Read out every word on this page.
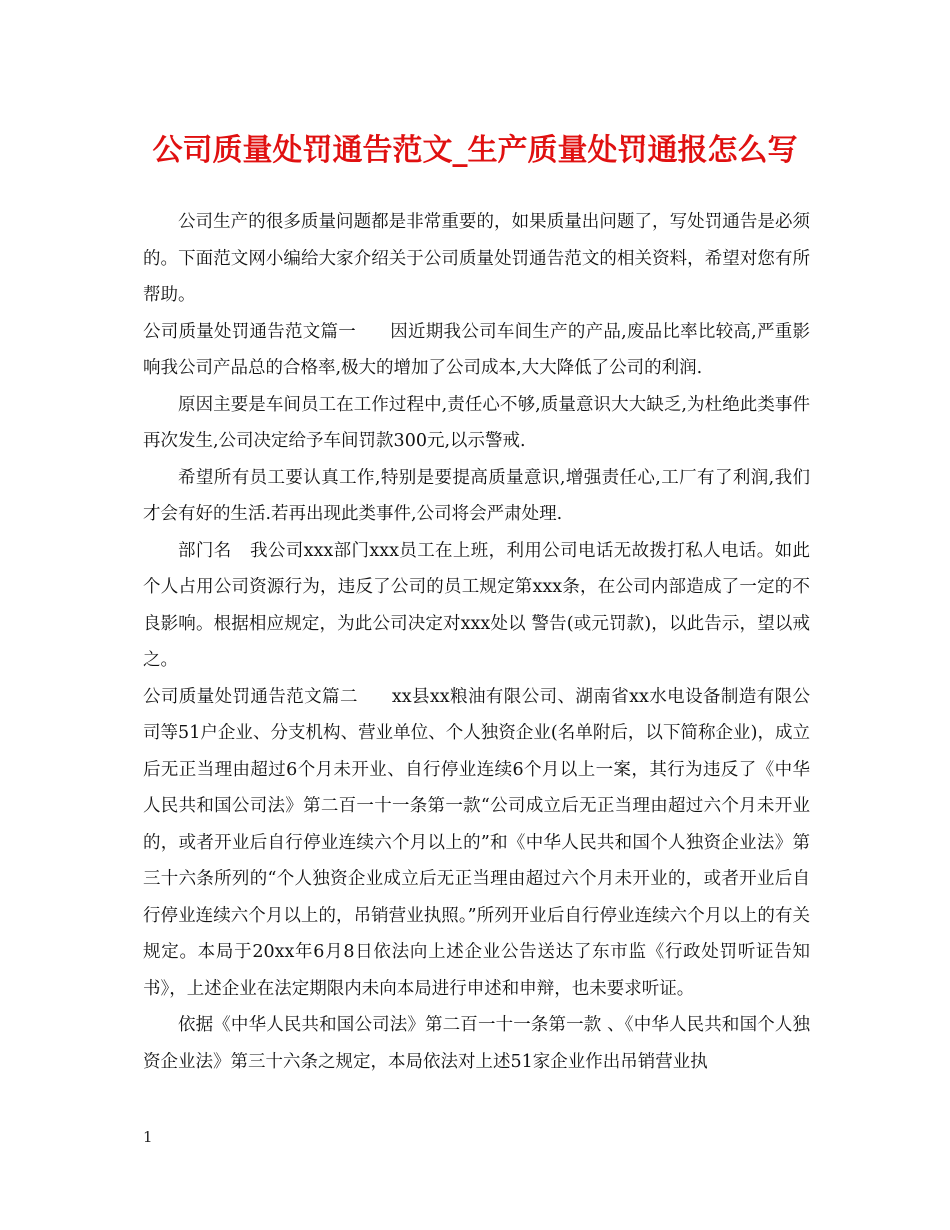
公司质量处罚通告范文_生产质量处罚通报怎么写

公司生产的很多质量问题都是非常重要的，如果质量出问题了，写处罚通告是必须的。下面范文网小编给大家介绍关于公司质量处罚通告范文的相关资料，希望对您有所帮助。

公司质量处罚通告范文篇一 因近期我公司车间生产的产品,废品比率比较高,严重影响我公司产品总的合格率,极大的增加了公司成本,大大降低了公司的利润.

原因主要是车间员工在工作过程中,责任心不够,质量意识大大缺乏,为杜绝此类事件再次发生,公司决定给予车间罚款300元,以示警戒.

希望所有员工要认真工作,特别是要提高质量意识,增强责任心,工厂有了利润,我们才会有好的生活.若再出现此类事件,公司将会严肃处理.

部门名 我公司xxx部门xxx员工在上班，利用公司电话无故拨打私人电话。如此个人占用公司资源行为，违反了公司的员工规定第xxx条，在公司内部造成了一定的不良影响。根据相应规定，为此公司决定对xxx处以 警告(或元罚款)，以此告示，望以戒之。

公司质量处罚通告范文篇二 xx县xx粮油有限公司、湖南省xx水电设备制造有限公司等51户企业、分支机构、营业单位、个人独资企业(名单附后，以下简称企业)，成立后无正当理由超过6个月未开业、自行停业连续6个月以上一案，其行为违反了《中华人民共和国公司法》第二百一十一条第一款“公司成立后无正当理由超过六个月未开业的，或者开业后自行停业连续六个月以上的”和《中华人民共和国个人独资企业法》第三十六条所列的“个人独资企业成立后无正当理由超过六个月未开业的，或者开业后自行停业连续六个月以上的，吊销营业执照。”所列开业后自行停业连续六个月以上的有关规定。本局于20xx年6月8日依法向上述企业公告送达了东市监《行政处罚听证告知书》，上述企业在法定期限内未向本局进行申述和申辩，也未要求听证。

依据《中华人民共和国公司法》第二百一十一条第一款 、《中华人民共和国个人独资企业法》第三十六条之规定，本局依法对上述51家企业作出吊销营业执

1
